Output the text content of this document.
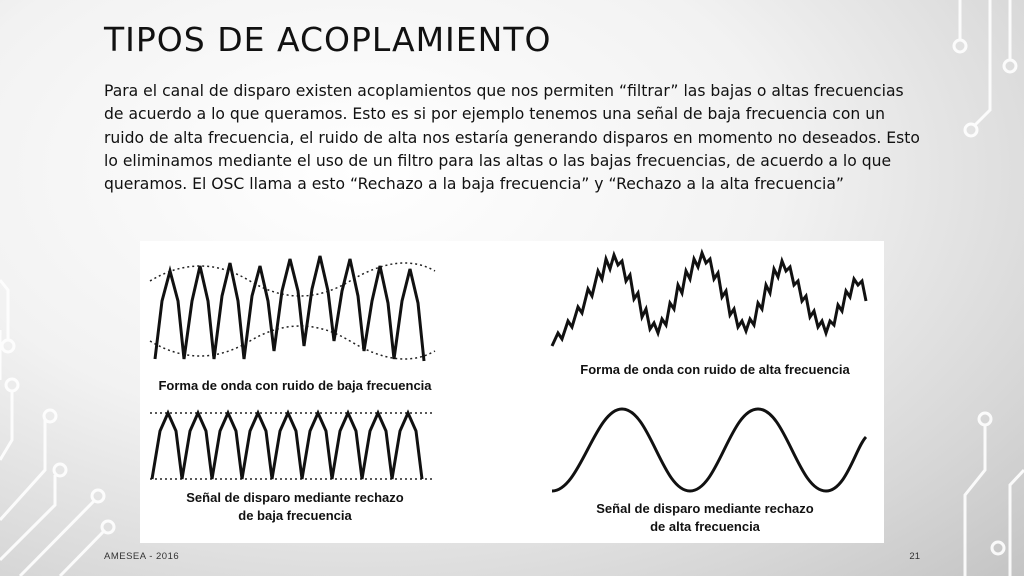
TIPOS DE ACOPLAMIENTO

Para el canal de disparo existen acoplamientos que nos permiten “filtrar” las bajas o altas frecuencias de acuerdo a lo que queramos. Esto es si por ejemplo tenemos una señal de baja frecuencia con un ruido de alta frecuencia, el ruido de alta nos estaría generando disparos en momento no deseados. Esto lo eliminamos mediante el uso de un filtro para las altas o las bajas frecuencias, de acuerdo a lo que queramos. El OSC llama a esto “Rechazo a la baja frecuencia” y “Rechazo a la alta frecuencia”

Forma de onda con ruido de baja frecuencia
Forma de onda con ruido de alta frecuencia
Señal de disparo mediante rechazo
de baja frecuencia	Señal de disparo mediante rechazo
de alta frecuencia
AMESEA - 2016	21
